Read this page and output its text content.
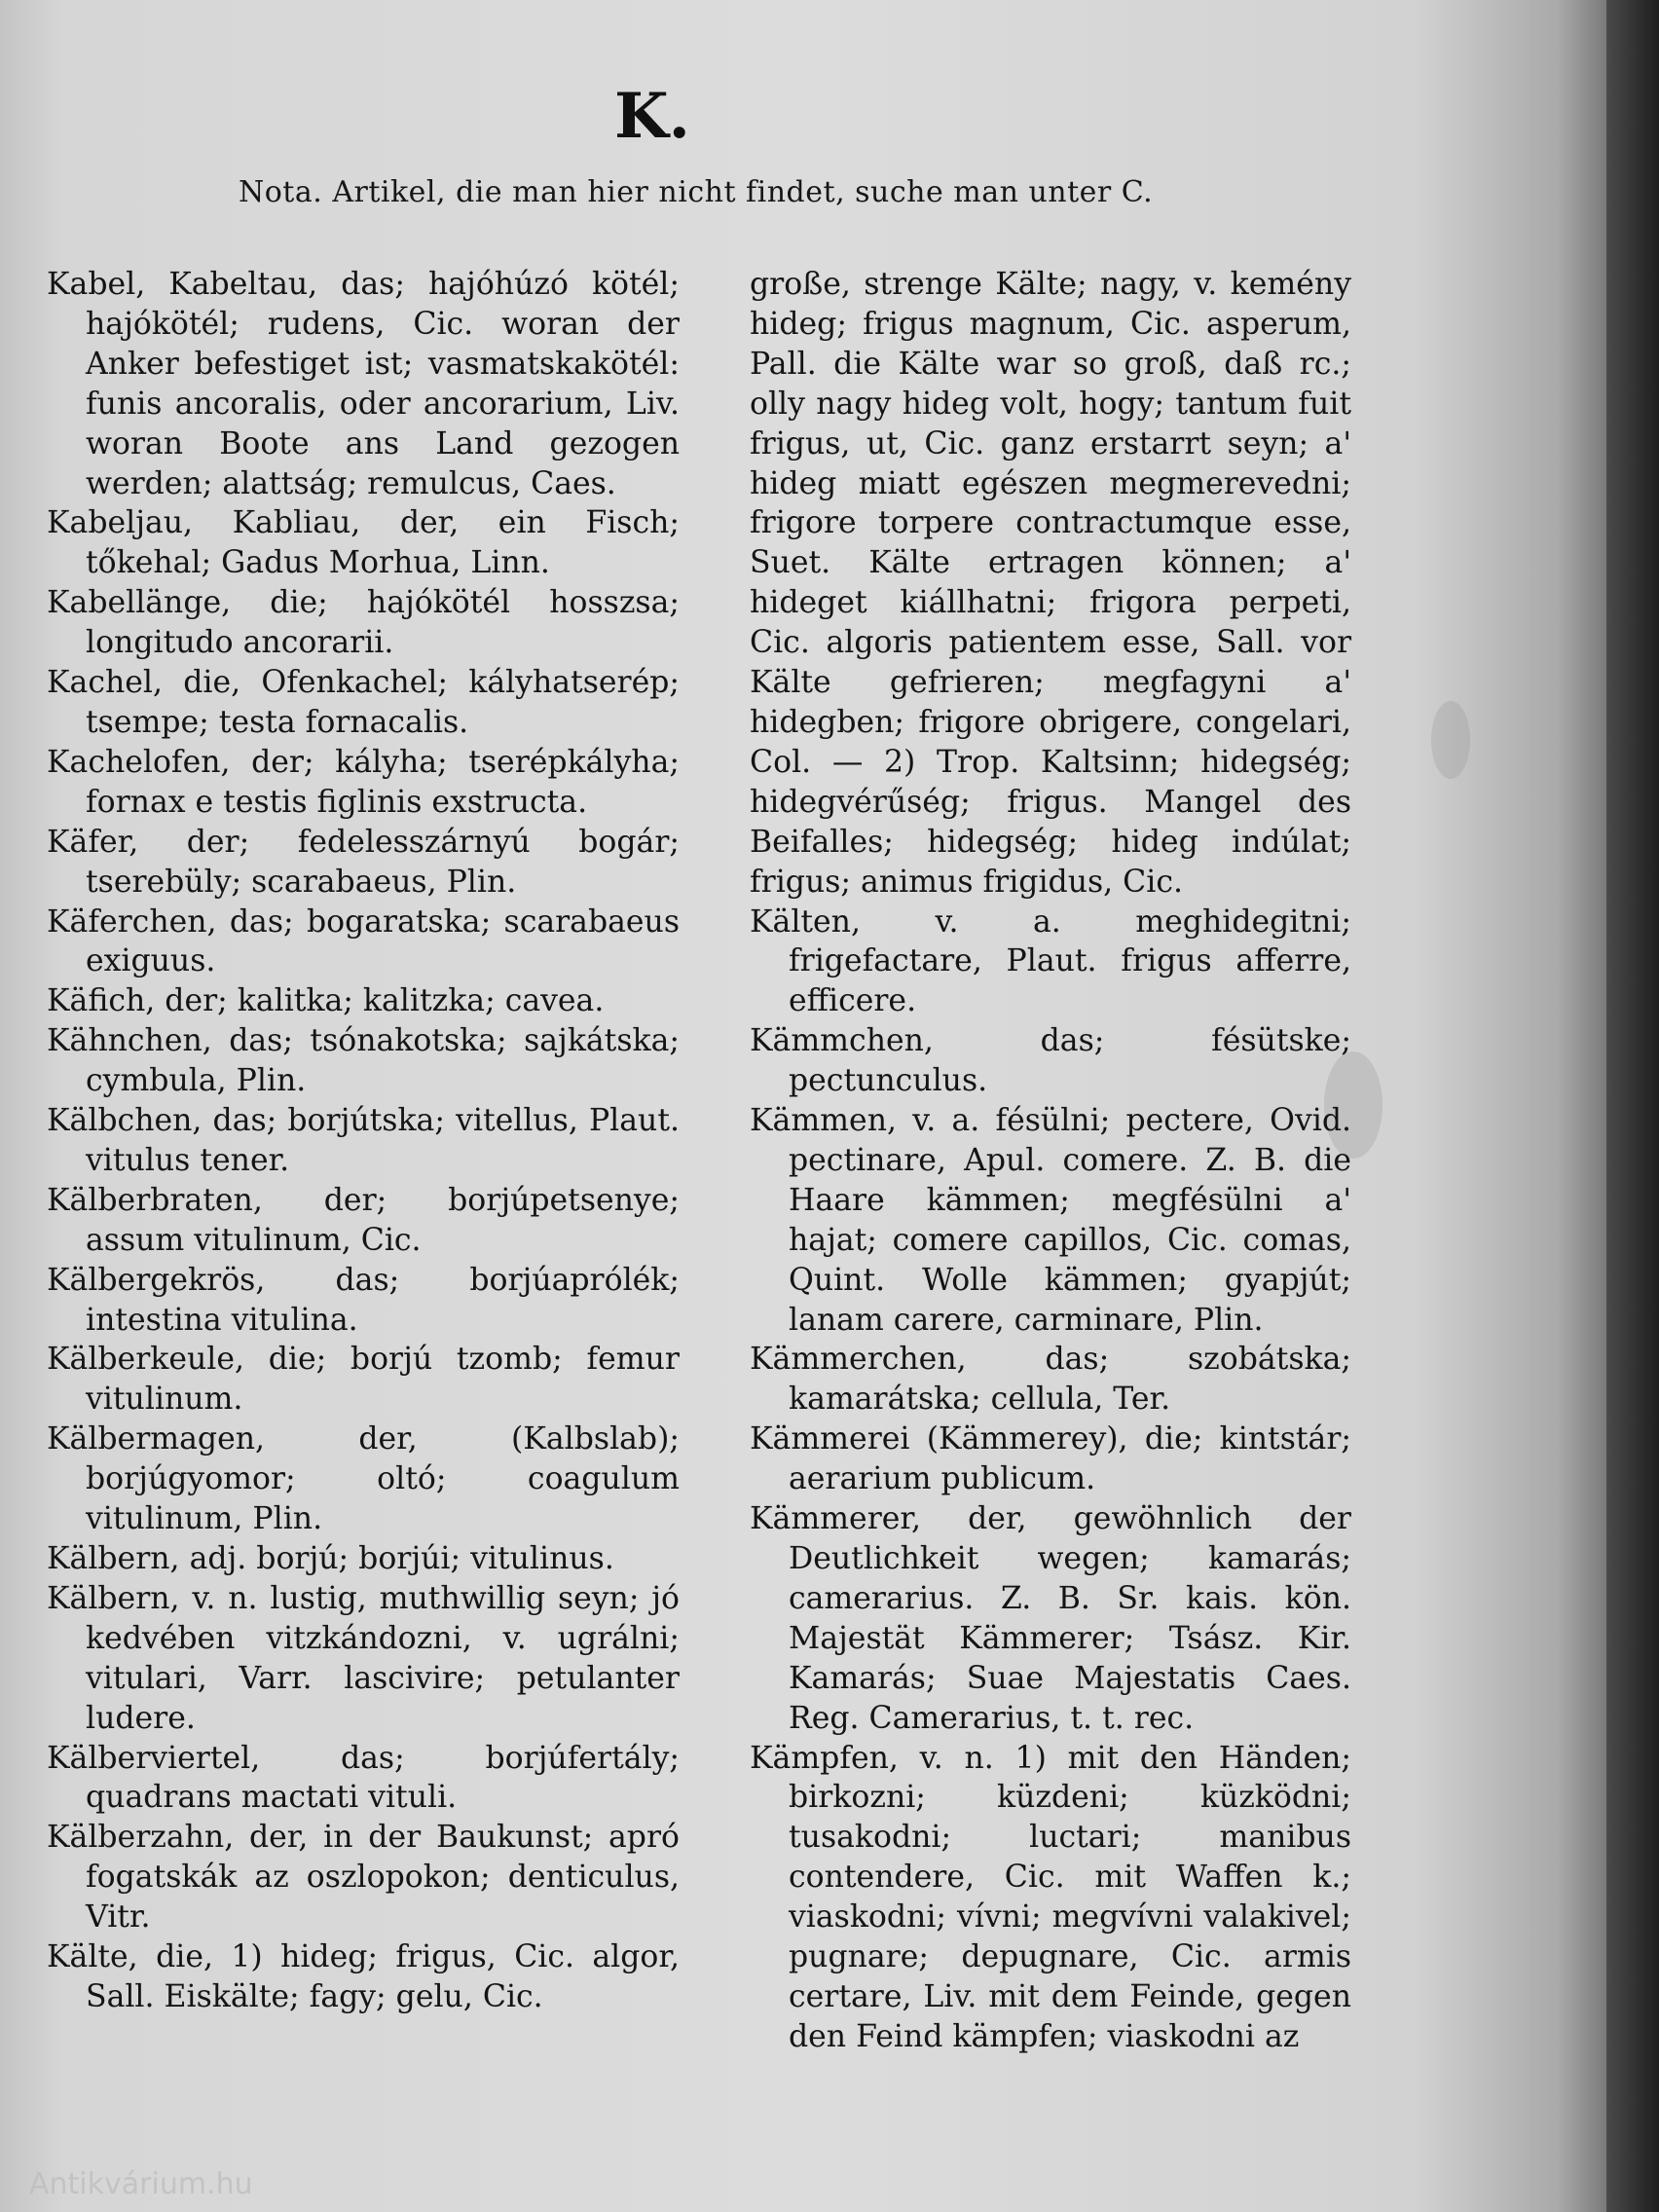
K.
Nota. Artikel, die man hier nicht findet, suche man unter C.

Kabel, Kabeltau, das; hajóhúzó kötél; hajókötél; rudens, Cic. woran der Anker befestiget ist; vasmatskakötél: funis ancoralis, oder ancorarium, Liv. woran Boote ans Land gezogen werden; alattság; remulcus, Caes.

Kabeljau, Kabliau, der, ein Fisch; tőkehal; Gadus Morhua, Linn.

Kabellänge, die; hajókötél hosszsa; longitudo ancorarii.

Kachel, die, Ofenkachel; kályhatserép; tsempe; testa fornacalis.

Kachelofen, der; kályha; tserépkályha; fornax e testis figlinis exstructa.

Käfer, der; fedelesszárnyú bogár; tserebüly; scarabaeus, Plin.

Käferchen, das; bogaratska; scarabaeus exiguus.

Käfich, der; kalitka; kalitzka; cavea.

Kähnchen, das; tsónakotska; sajkátska; cymbula, Plin.

Kälbchen, das; borjútska; vitellus, Plaut. vitulus tener.

Kälberbraten, der; borjúpetsenye; assum vitulinum, Cic.

Kälbergekrös, das; borjúaprólék; intestina vitulina.

Kälberkeule, die; borjú tzomb; femur vitulinum.

Kälbermagen, der, (Kalbslab); borjúgyomor; oltó; coagulum vitulinum, Plin.

Kälbern, adj. borjú; borjúi; vitulinus.

Kälbern, v. n. lustig, muthwillig seyn; jó kedvében vitzkándozni, v. ugrálni; vitulari, Varr. lascivire; petulanter ludere.

Kälberviertel, das; borjúfertály; quadrans mactati vituli.

Kälberzahn, der, in der Baukunst; apró fogatskák az oszlopokon; denticulus, Vitr.

Kälte, die, 1) hideg; frigus, Cic. algor, Sall. Eiskälte; fagy; gelu, Cic.

große, strenge Kälte; nagy, v. kemény hideg; frigus magnum, Cic. asperum, Pall. die Kälte war so groß, daß rc.; olly nagy hideg volt, hogy; tantum fuit frigus, ut, Cic. ganz erstarrt seyn; a' hideg miatt egészen megmerevedni; frigore torpere contractumque esse, Suet. Kälte ertragen können; a' hideget kiállhatni; frigora perpeti, Cic. algoris patientem esse, Sall. vor Kälte gefrieren; megfagyni a' hidegben; frigore obrigere, congelari, Col. — 2) Trop. Kaltsinn; hidegség; hidegvérűség; frigus. Mangel des Beifalles; hidegség; hideg indúlat; frigus; animus frigidus, Cic.

Kälten, v. a. meghidegitni; frigefactare, Plaut. frigus afferre, efficere.

Kämmchen, das; fésütske; pectunculus.

Kämmen, v. a. fésülni; pectere, Ovid. pectinare, Apul. comere. Z. B. die Haare kämmen; megfésülni a' hajat; comere capillos, Cic. comas, Quint. Wolle kämmen; gyapjút; lanam carere, carminare, Plin.

Kämmerchen, das; szobátska; kamarátska; cellula, Ter.

Kämmerei (Kämmerey), die; kintstár; aerarium publicum.

Kämmerer, der, gewöhnlich der Deutlichkeit wegen; kamarás; camerarius. Z. B. Sr. kais. kön. Majestät Kämmerer; Tsász. Kir. Kamarás; Suae Majestatis Caes. Reg. Camerarius, t. t. rec.

Kämpfen, v. n. 1) mit den Händen; birkozni; küzdeni; küzködni; tusakodni; luctari; manibus contendere, Cic. mit Waffen k.; viaskodni; vívni; megvívni valakivel; pugnare; depugnare, Cic. armis certare, Liv. mit dem Feinde, gegen den Feind kämpfen; viaskodni az

Antikvárium.hu
